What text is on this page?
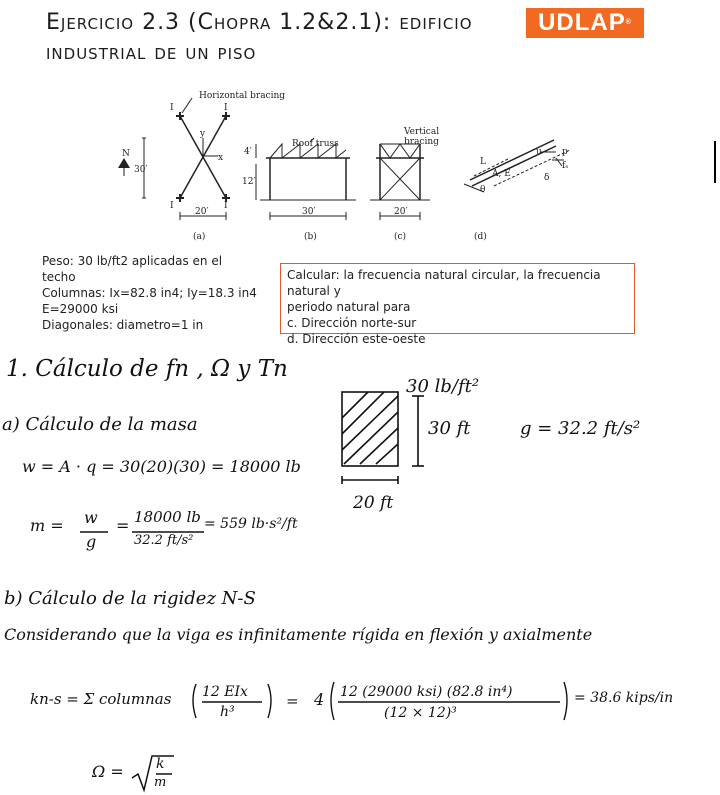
Ejercicio 2.3 (Chopra 1.2&2.1): edificio
industrial de un piso
UDLAP®
N
Horizontal bracing
30′
I	I
I	I
y
x
20′
(a)
Roof truss
4′
12′
30′
(b)
Vertical
bracing
20′
(c)
L
u p
fₛ
A, E
θ
δ
(d)
Peso: 30 lb/ft2 aplicadas en el
techo
Columnas: Ix=82.8 in4; Iy=18.3 in4
E=29000 ksi
Diagonales: diametro=1 in
Calcular: la frecuencia natural circular, la frecuencia natural y
periodo natural para
c. Dirección norte-sur
d. Dirección este-oeste
1. Cálculo de fn , Ω y Tn
a) Cálculo de la masa
30 lb/ft²
30 ft
20 ft
g = 32.2 ft/s²
w = A · q = 30(20)(30) = 18000 lb
m = w
g
= 18000 lb
32.2 ft/s²
= 559 lb·s²/ft
b) Cálculo de la rigidez N-S
Considerando que la viga es infinitamente rígida en flexión y axialmente
kn-s = Σ columnas 12 EIx
h³
= 4 12 (29000 ksi) (82.8 in⁴)
(12 × 12)³
= 38.6 kips/in
Ω = k
m
